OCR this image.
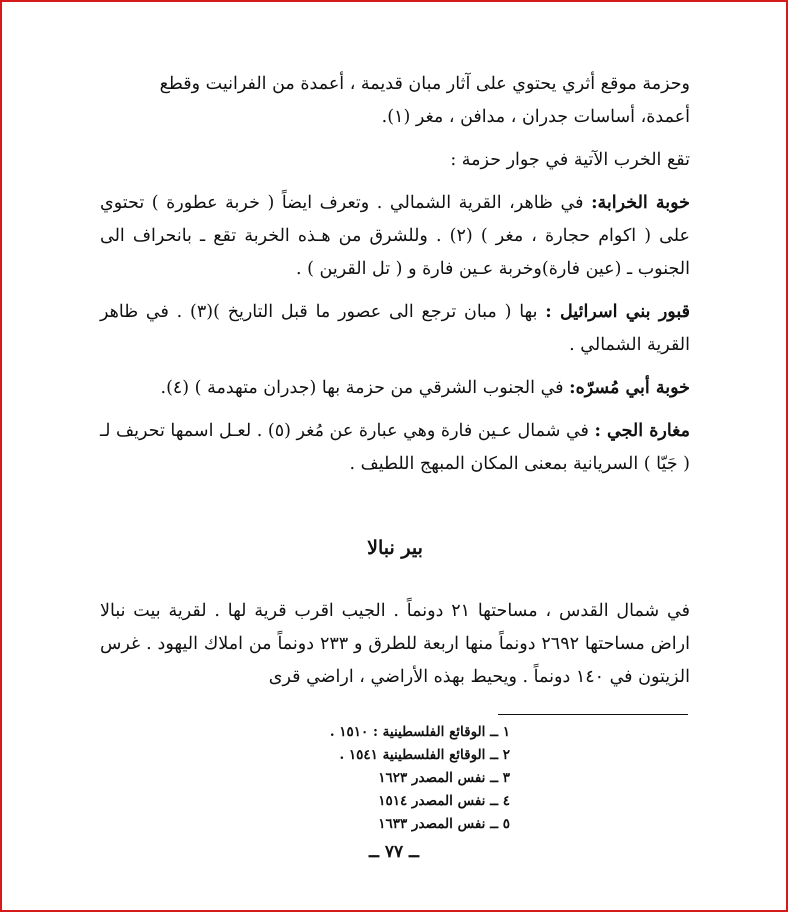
وحزمة موقع أثري يحتوي على آثار مبان قديمة ، أعمدة من الفرانيت وقطع

أعمدة، أساسات جدران ، مدافن ، مغر (١).

تقع الخرب الآتية في جوار حزمة :

خوبة الخرابة: في ظاهر، القرية الشمالي . وتعرف ايضاً ( خربة عطورة ) تحتوي على ( اكوام حجارة ، مغر ) (٢) . وللشرق من هـذه الخربة تقع ـ بانحراف الى الجنوب ـ (عين فارة)وخربة عـين فارة و ( تل القرين ) .

قبور بني اسرائيل : بها ( مبان ترجع الى عصور ما قبل التاريخ )(٣) . في ظاهر القرية الشمالي .

خوبة أبي مُسرّه: في الجنوب الشرقي من حزمة بها (جدران متهدمة ) (٤).

مغارة الجي : في شمال عـين فارة وهي عبارة عن مُغر (٥) . لعـل اسمها تحريف لـ ( جَيّا ) السريانية بمعنى المكان المبهج اللطيف .

بير نبالا

في شمال القدس ، مساحتها ٢١ دونماً . الجيب اقرب قرية لها . لقرية بيت نبالا اراض مساحتها ٢٦٩٢ دونماً منها اربعة للطرق و ٢٣٣ دونماً من املاك اليهود . غرس الزيتون في ١٤٠ دونماً . ويحيط بهذه الأراضي ، اراضي قرى

١ ــ الوقائع الفلسطينية : ١٥١٠ .

٢ ــ الوقائع الفلسطينية ١٥٤١ .

٣ ــ نفس المصدر ١٦٢٣

٤ ــ نفس المصدر ١٥١٤

٥ ــ نفس المصدر ١٦٣٣

ــ ٧٧ ــ
